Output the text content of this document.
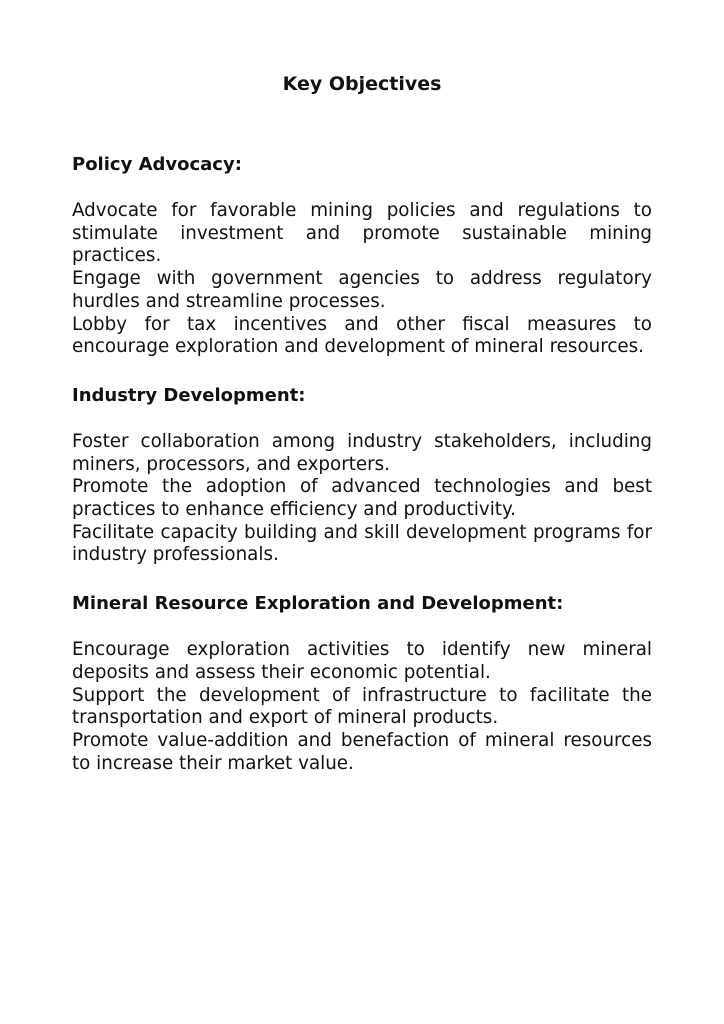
Key Objectives
Policy Advocacy:

Advocate for favorable mining policies and regulations to stimulate investment and promote sustainable mining practices.

Engage with government agencies to address regulatory hurdles and streamline processes.

Lobby for tax incentives and other fiscal measures to encourage exploration and development of mineral resources.

Industry Development:

Foster collaboration among industry stakeholders, including miners, processors, and exporters.

Promote the adoption of advanced technologies and best practices to enhance efficiency and productivity.

Facilitate capacity building and skill development programs for industry professionals.

Mineral Resource Exploration and Development:

Encourage exploration activities to identify new mineral deposits and assess their economic potential.

Support the development of infrastructure to facilitate the transportation and export of mineral products.

Promote value-addition and benefaction of mineral resources to increase their market value.
